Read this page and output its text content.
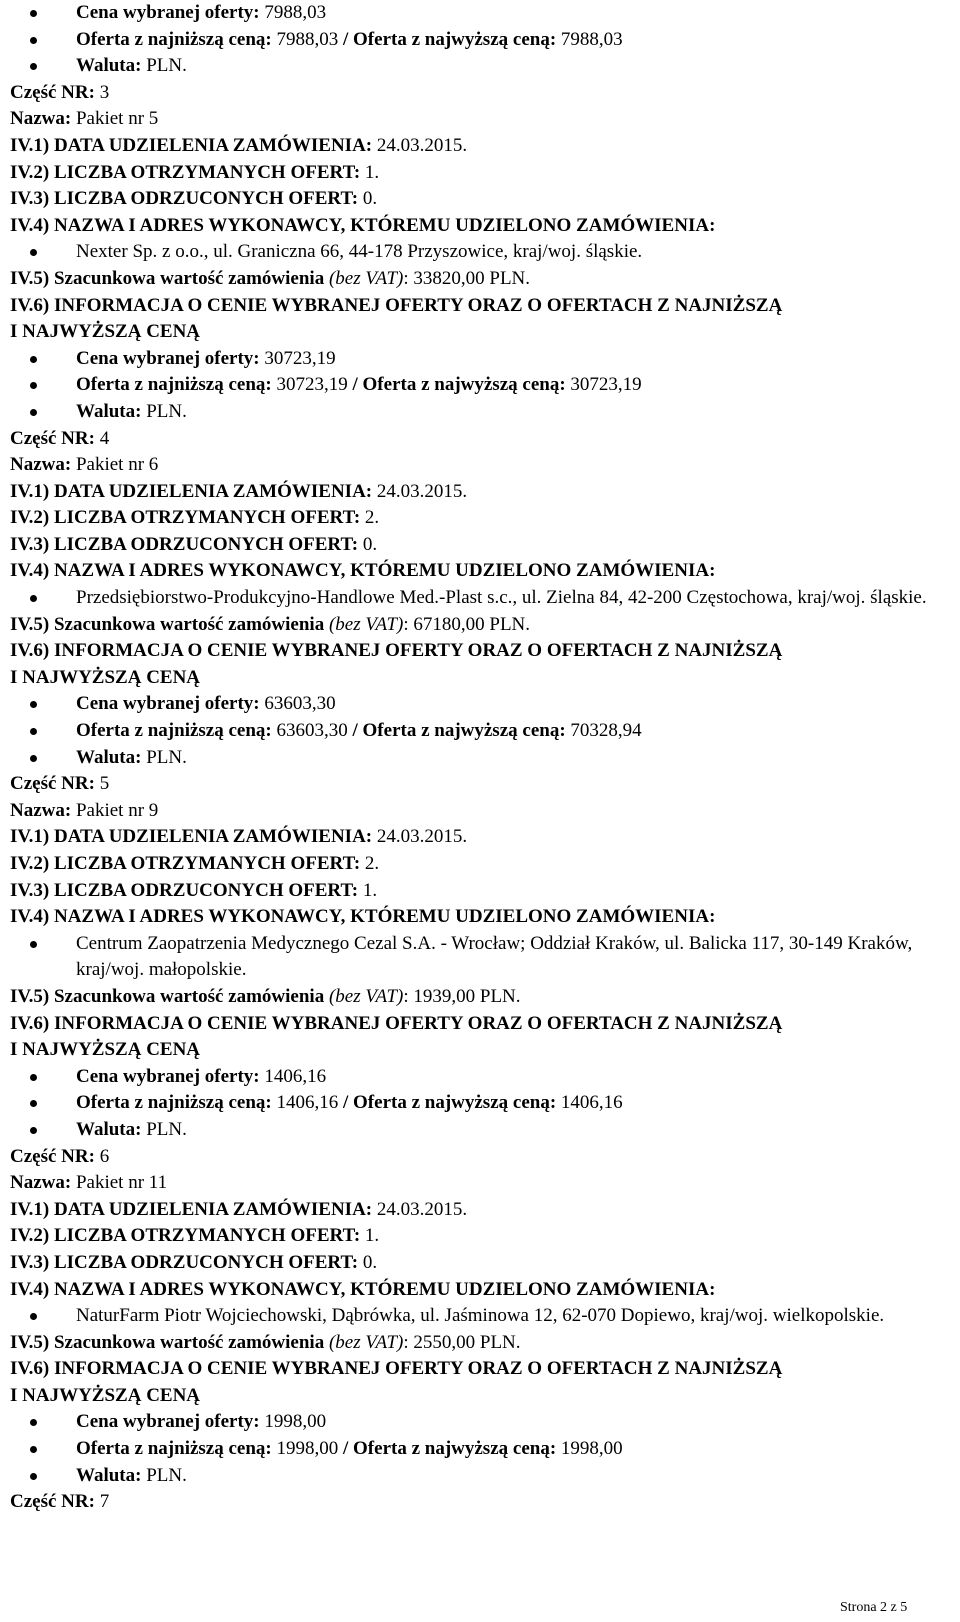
Cena wybranej oferty: 7988,03
Oferta z najniższą ceną: 7988,03 / Oferta z najwyższą ceną: 7988,03
Waluta: PLN.
Część NR: 3
Nazwa: Pakiet nr 5
IV.1) DATA UDZIELENIA ZAMÓWIENIA: 24.03.2015.
IV.2) LICZBA OTRZYMANYCH OFERT: 1.
IV.3) LICZBA ODRZUCONYCH OFERT: 0.
IV.4) NAZWA I ADRES WYKONAWCY, KTÓREMU UDZIELONO ZAMÓWIENIA:
Nexter Sp. z o.o., ul. Graniczna 66, 44-178 Przyszowice, kraj/woj. śląskie.
IV.5) Szacunkowa wartość zamówienia (bez VAT): 33820,00 PLN.
IV.6) INFORMACJA O CENIE WYBRANEJ OFERTY ORAZ O OFERTACH Z NAJNIŻSZĄ
I NAJWYŻSZĄ CENĄ
Cena wybranej oferty: 30723,19
Oferta z najniższą ceną: 30723,19 / Oferta z najwyższą ceną: 30723,19
Waluta: PLN.
Część NR: 4
Nazwa: Pakiet nr 6
IV.1) DATA UDZIELENIA ZAMÓWIENIA: 24.03.2015.
IV.2) LICZBA OTRZYMANYCH OFERT: 2.
IV.3) LICZBA ODRZUCONYCH OFERT: 0.
IV.4) NAZWA I ADRES WYKONAWCY, KTÓREMU UDZIELONO ZAMÓWIENIA:
Przedsiębiorstwo-Produkcyjno-Handlowe Med.-Plast s.c., ul. Zielna 84, 42-200 Częstochowa, kraj/woj. śląskie.
IV.5) Szacunkowa wartość zamówienia (bez VAT): 67180,00 PLN.
IV.6) INFORMACJA O CENIE WYBRANEJ OFERTY ORAZ O OFERTACH Z NAJNIŻSZĄ
I NAJWYŻSZĄ CENĄ
Cena wybranej oferty: 63603,30
Oferta z najniższą ceną: 63603,30 / Oferta z najwyższą ceną: 70328,94
Waluta: PLN.
Część NR: 5
Nazwa: Pakiet nr 9
IV.1) DATA UDZIELENIA ZAMÓWIENIA: 24.03.2015.
IV.2) LICZBA OTRZYMANYCH OFERT: 2.
IV.3) LICZBA ODRZUCONYCH OFERT: 1.
IV.4) NAZWA I ADRES WYKONAWCY, KTÓREMU UDZIELONO ZAMÓWIENIA:
Centrum Zaopatrzenia Medycznego Cezal S.A. - Wrocław; Oddział Kraków, ul. Balicka 117, 30-149 Kraków, kraj/woj. małopolskie.
IV.5) Szacunkowa wartość zamówienia (bez VAT): 1939,00 PLN.
IV.6) INFORMACJA O CENIE WYBRANEJ OFERTY ORAZ O OFERTACH Z NAJNIŻSZĄ
I NAJWYŻSZĄ CENĄ
Cena wybranej oferty: 1406,16
Oferta z najniższą ceną: 1406,16 / Oferta z najwyższą ceną: 1406,16
Waluta: PLN.
Część NR: 6
Nazwa: Pakiet nr 11
IV.1) DATA UDZIELENIA ZAMÓWIENIA: 24.03.2015.
IV.2) LICZBA OTRZYMANYCH OFERT: 1.
IV.3) LICZBA ODRZUCONYCH OFERT: 0.
IV.4) NAZWA I ADRES WYKONAWCY, KTÓREMU UDZIELONO ZAMÓWIENIA:
NaturFarm Piotr Wojciechowski, Dąbrówka, ul. Jaśminowa 12, 62-070 Dopiewo, kraj/woj. wielkopolskie.
IV.5) Szacunkowa wartość zamówienia (bez VAT): 2550,00 PLN.
IV.6) INFORMACJA O CENIE WYBRANEJ OFERTY ORAZ O OFERTACH Z NAJNIŻSZĄ
I NAJWYŻSZĄ CENĄ
Cena wybranej oferty: 1998,00
Oferta z najniższą ceną: 1998,00 / Oferta z najwyższą ceną: 1998,00
Waluta: PLN.
Część NR: 7
Strona 2 z 5
